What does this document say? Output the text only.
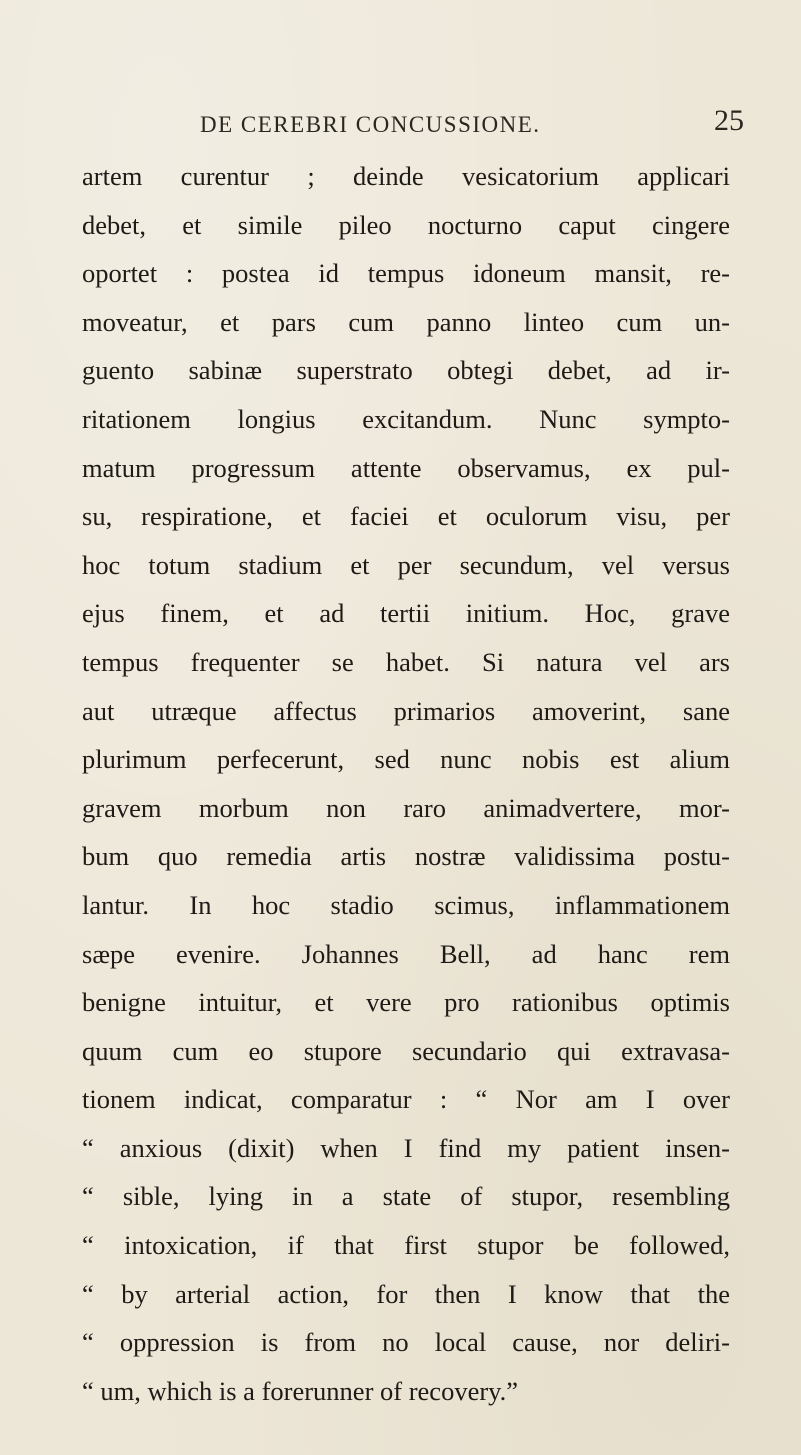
DE CEREBRI CONCUSSIONE.	25
artem curentur ; deinde vesicatorium applicari
debet, et simile pileo nocturno caput cingere
oportet : postea id tempus idoneum mansit, re-
moveatur, et pars cum panno linteo cum un-
guento sabinæ superstrato obtegi debet, ad ir-
ritationem longius excitandum. Nunc sympto-
matum progressum attente observamus, ex pul-
su, respiratione, et faciei et oculorum visu, per
hoc totum stadium et per secundum, vel versus
ejus finem, et ad tertii initium. Hoc, grave
tempus frequenter se habet. Si natura vel ars
aut utræque affectus primarios amoverint, sane
plurimum perfecerunt, sed nunc nobis est alium
gravem morbum non raro animadvertere, mor-
bum quo remedia artis nostræ validissima postu-
lantur. In hoc stadio scimus, inflammationem
sæpe evenire. Johannes Bell, ad hanc rem
benigne intuitur, et vere pro rationibus optimis
quum cum eo stupore secundario qui extravasa-
tionem indicat, comparatur : “ Nor am I over
“ anxious (dixit) when I find my patient insen-
“ sible, lying in a state of stupor, resembling
“ intoxication, if that first stupor be followed,
“ by arterial action, for then I know that the
“ oppression is from no local cause, nor deliri-
“ um, which is a forerunner of recovery.”
